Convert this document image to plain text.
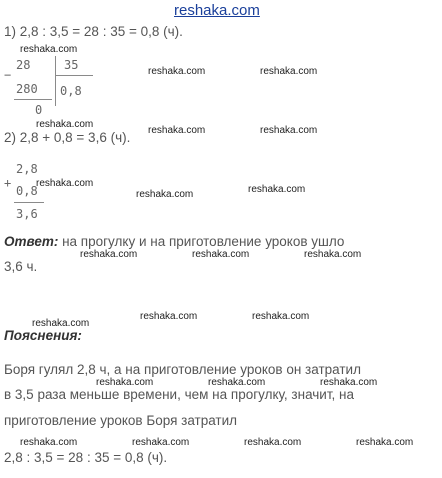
reshaka.com
1) 2,8 : 3,5 = 28 : 35 = 0,8 (ч).
reshaka.com
−
28	35
280 0,8
0
reshaka.com	reshaka.com
reshaka.com
reshaka.com	reshaka.com
2) 2,8 + 0,8 = 3,6 (ч).
+
2,8
0,8
3,6
reshaka.com
reshaka.com	reshaka.com
Ответ: на прогулку и на приготовление уроков ушло
reshaka.com	reshaka.com	reshaka.com
3,6 ч.
reshaka.com
reshaka.com	reshaka.com
Пояснения:
Боря гулял 2,8 ч, а на приготовление уроков он затратил
reshaka.com	reshaka.com	reshaka.com
в 3,5 раза меньше времени, чем на прогулку, значит, на
приготовление уроков Боря затратил
reshaka.com	reshaka.com	reshaka.com	reshaka.com
2,8 : 3,5 = 28 : 35 = 0,8 (ч).
